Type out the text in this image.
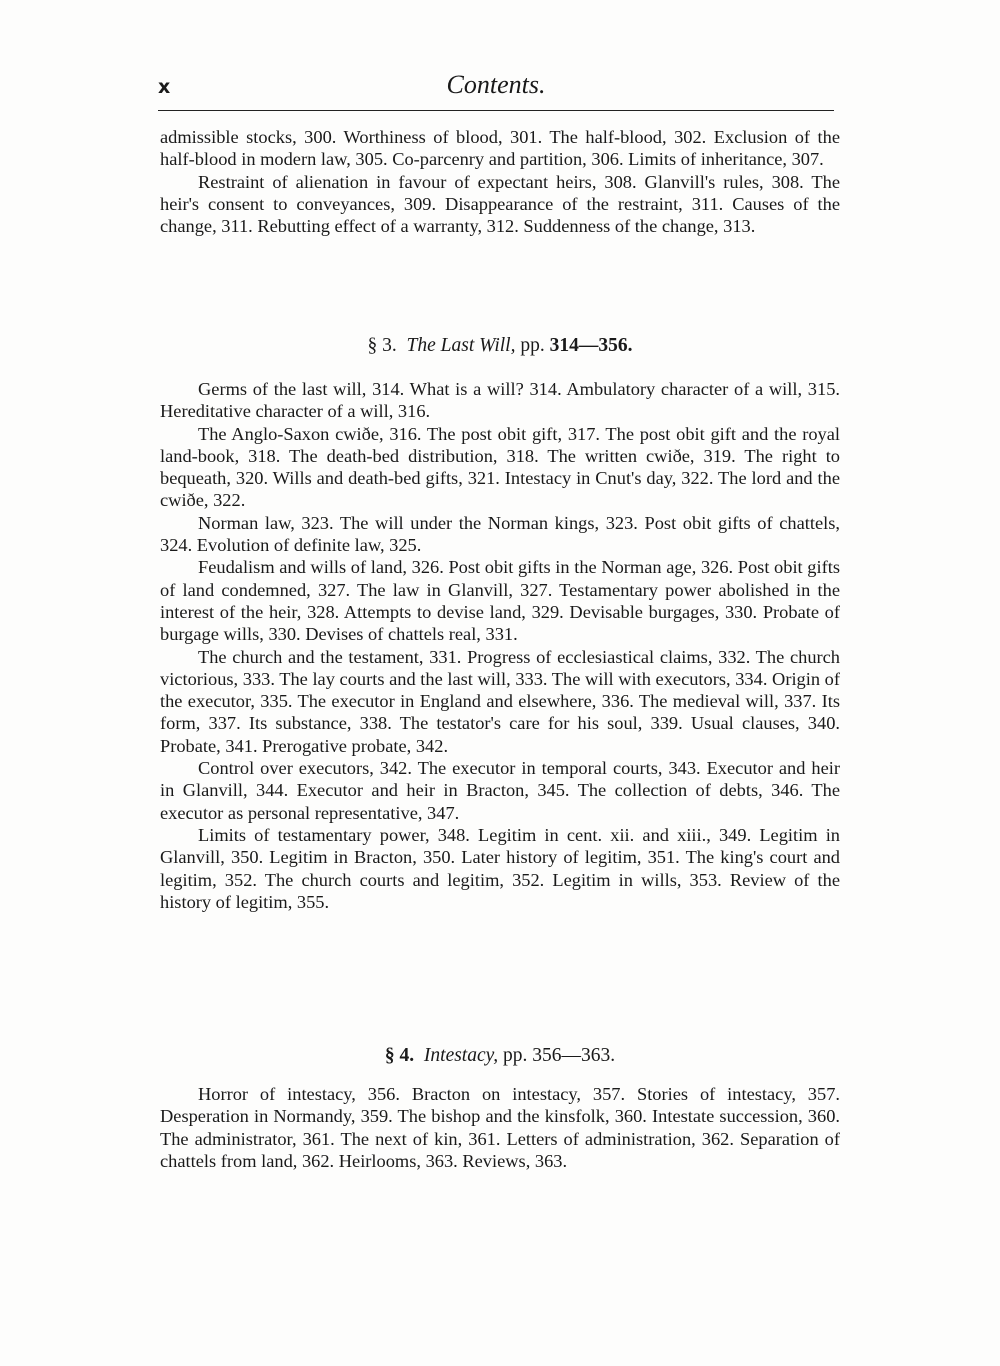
x	Contents.

admissible stocks, 300. Worthiness of blood, 301. The half-blood, 302. Exclusion of the half-blood in modern law, 305. Co-parcenry and partition, 306. Limits of inheritance, 307.

Restraint of alienation in favour of expectant heirs, 308. Glanvill's rules, 308. The heir's consent to conveyances, 309. Disappearance of the restraint, 311. Causes of the change, 311. Rebutting effect of a warranty, 312. Suddenness of the change, 313.

§ 3. The Last Will, pp. 314—356.

Germs of the last will, 314. What is a will? 314. Ambulatory character of a will, 315. Hereditative character of a will, 316.

The Anglo-Saxon cwiðe, 316. The post obit gift, 317. The post obit gift and the royal land-book, 318. The death-bed distribution, 318. The written cwiðe, 319. The right to bequeath, 320. Wills and death-bed gifts, 321. Intestacy in Cnut's day, 322. The lord and the cwiðe, 322.

Norman law, 323. The will under the Norman kings, 323. Post obit gifts of chattels, 324. Evolution of definite law, 325.

Feudalism and wills of land, 326. Post obit gifts in the Norman age, 326. Post obit gifts of land condemned, 327. The law in Glanvill, 327. Testamentary power abolished in the interest of the heir, 328. Attempts to devise land, 329. Devisable burgages, 330. Probate of burgage wills, 330. Devises of chattels real, 331.

The church and the testament, 331. Progress of ecclesiastical claims, 332. The church victorious, 333. The lay courts and the last will, 333. The will with executors, 334. Origin of the executor, 335. The executor in England and elsewhere, 336. The medieval will, 337. Its form, 337. Its substance, 338. The testator's care for his soul, 339. Usual clauses, 340. Probate, 341. Prerogative probate, 342.

Control over executors, 342. The executor in temporal courts, 343. Executor and heir in Glanvill, 344. Executor and heir in Bracton, 345. The collection of debts, 346. The executor as personal representative, 347.

Limits of testamentary power, 348. Legitim in cent. xii. and xiii., 349. Legitim in Glanvill, 350. Legitim in Bracton, 350. Later history of legitim, 351. The king's court and legitim, 352. The church courts and legitim, 352. Legitim in wills, 353. Review of the history of legitim, 355.

§ 4. Intestacy, pp. 356—363.

Horror of intestacy, 356. Bracton on intestacy, 357. Stories of intestacy, 357. Desperation in Normandy, 359. The bishop and the kinsfolk, 360. Intestate succession, 360. The administrator, 361. The next of kin, 361. Letters of administration, 362. Separation of chattels from land, 362. Heirlooms, 363. Reviews, 363.
